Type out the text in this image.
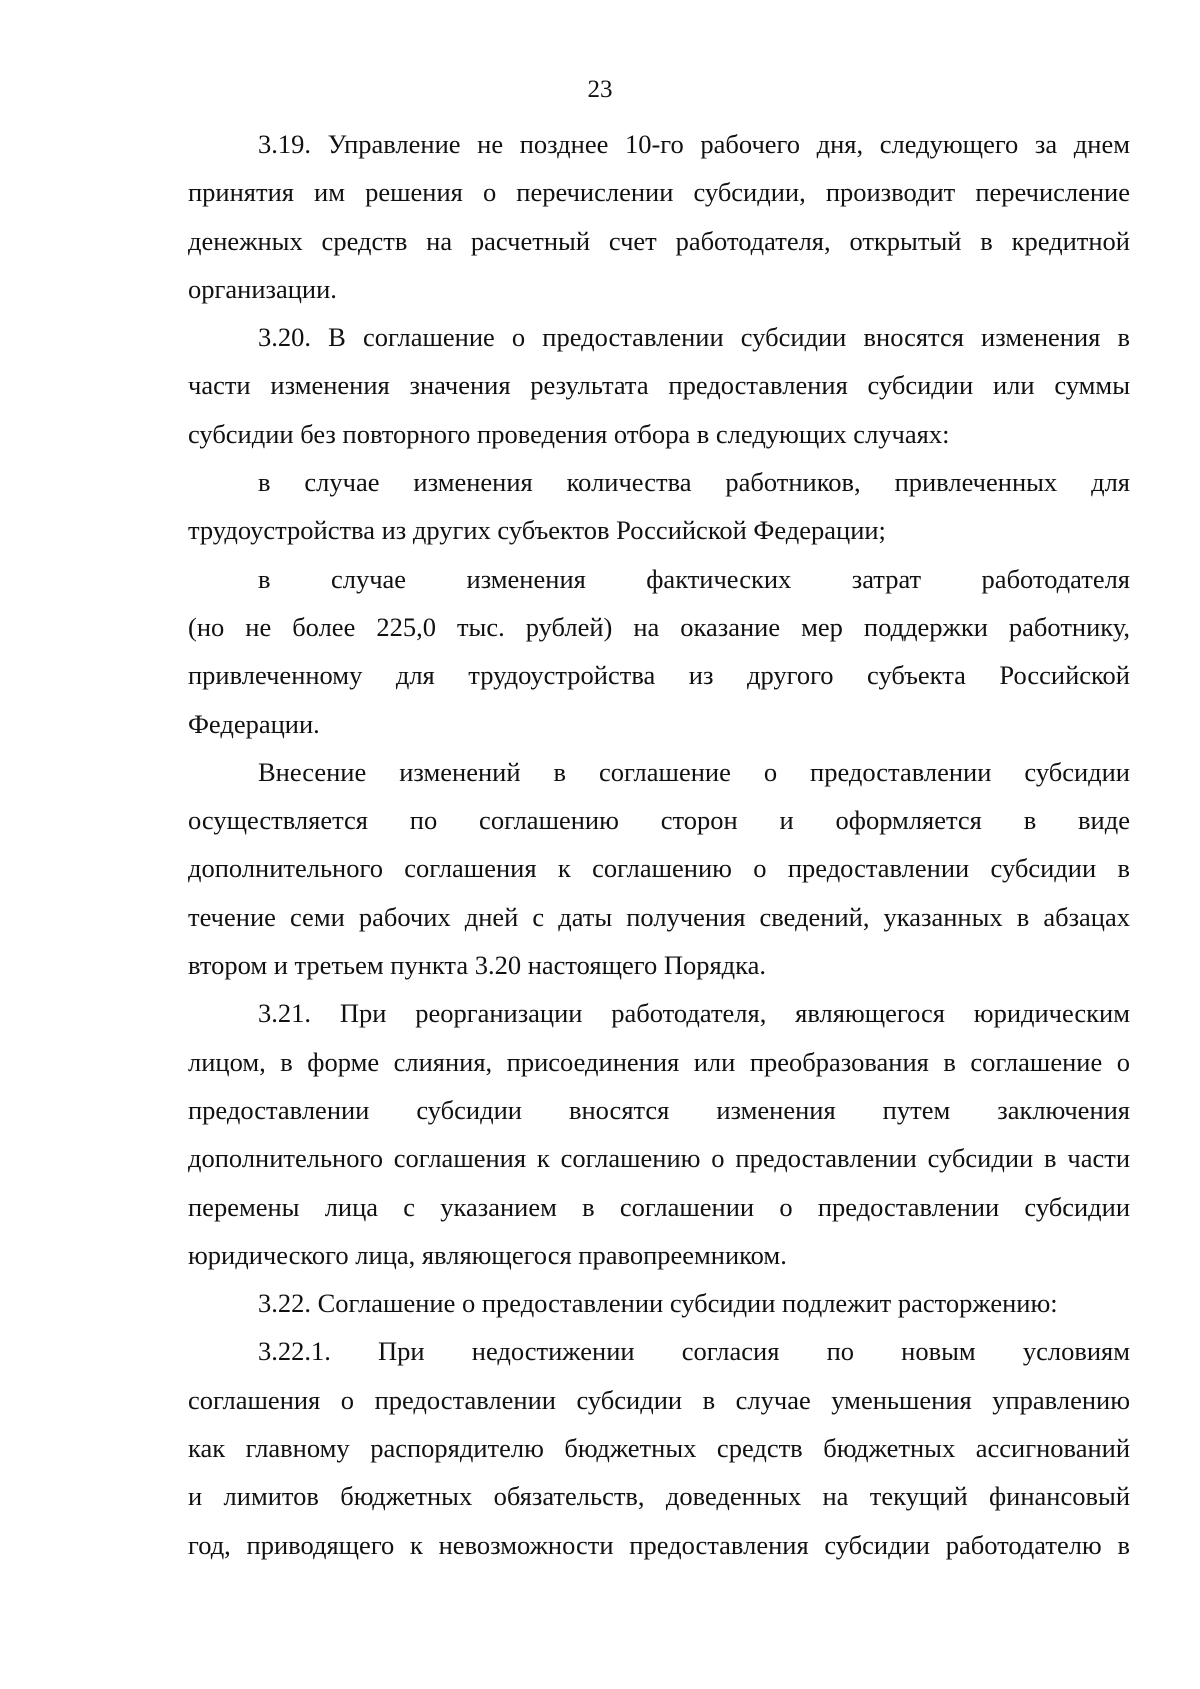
23
3.19. Управление не позднее 10-го рабочего дня, следующего за днем
принятия им решения о перечислении субсидии, производит перечисление
денежных средств на расчетный счет работодателя, открытый в кредитной
организации.
3.20. В соглашение о предоставлении субсидии вносятся изменения в
части изменения значения результата предоставления субсидии или суммы
субсидии без повторного проведения отбора в следующих случаях:
в случае изменения количества работников, привлеченных для
трудоустройства из других субъектов Российской Федерации;
в случае изменения фактических затрат работодателя
(но не более 225,0 тыс. рублей) на оказание мер поддержки работнику,
привлеченному для трудоустройства из другого субъекта Российской
Федерации.
Внесение изменений в соглашение о предоставлении субсидии
осуществляется по соглашению сторон и оформляется в виде
дополнительного соглашения к соглашению о предоставлении субсидии в
течение семи рабочих дней с даты получения сведений, указанных в абзацах
втором и третьем пункта 3.20 настоящего Порядка.
3.21. При реорганизации работодателя, являющегося юридическим
лицом, в форме слияния, присоединения или преобразования в соглашение о
предоставлении субсидии вносятся изменения путем заключения
дополнительного соглашения к соглашению о предоставлении субсидии в части
перемены лица с указанием в соглашении о предоставлении субсидии
юридического лица, являющегося правопреемником.
3.22. Соглашение о предоставлении субсидии подлежит расторжению:
3.22.1. При недостижении согласия по новым условиям
соглашения о предоставлении субсидии в случае уменьшения управлению
как главному распорядителю бюджетных средств бюджетных ассигнований
и лимитов бюджетных обязательств, доведенных на текущий финансовый
год, приводящего к невозможности предоставления субсидии работодателю в
